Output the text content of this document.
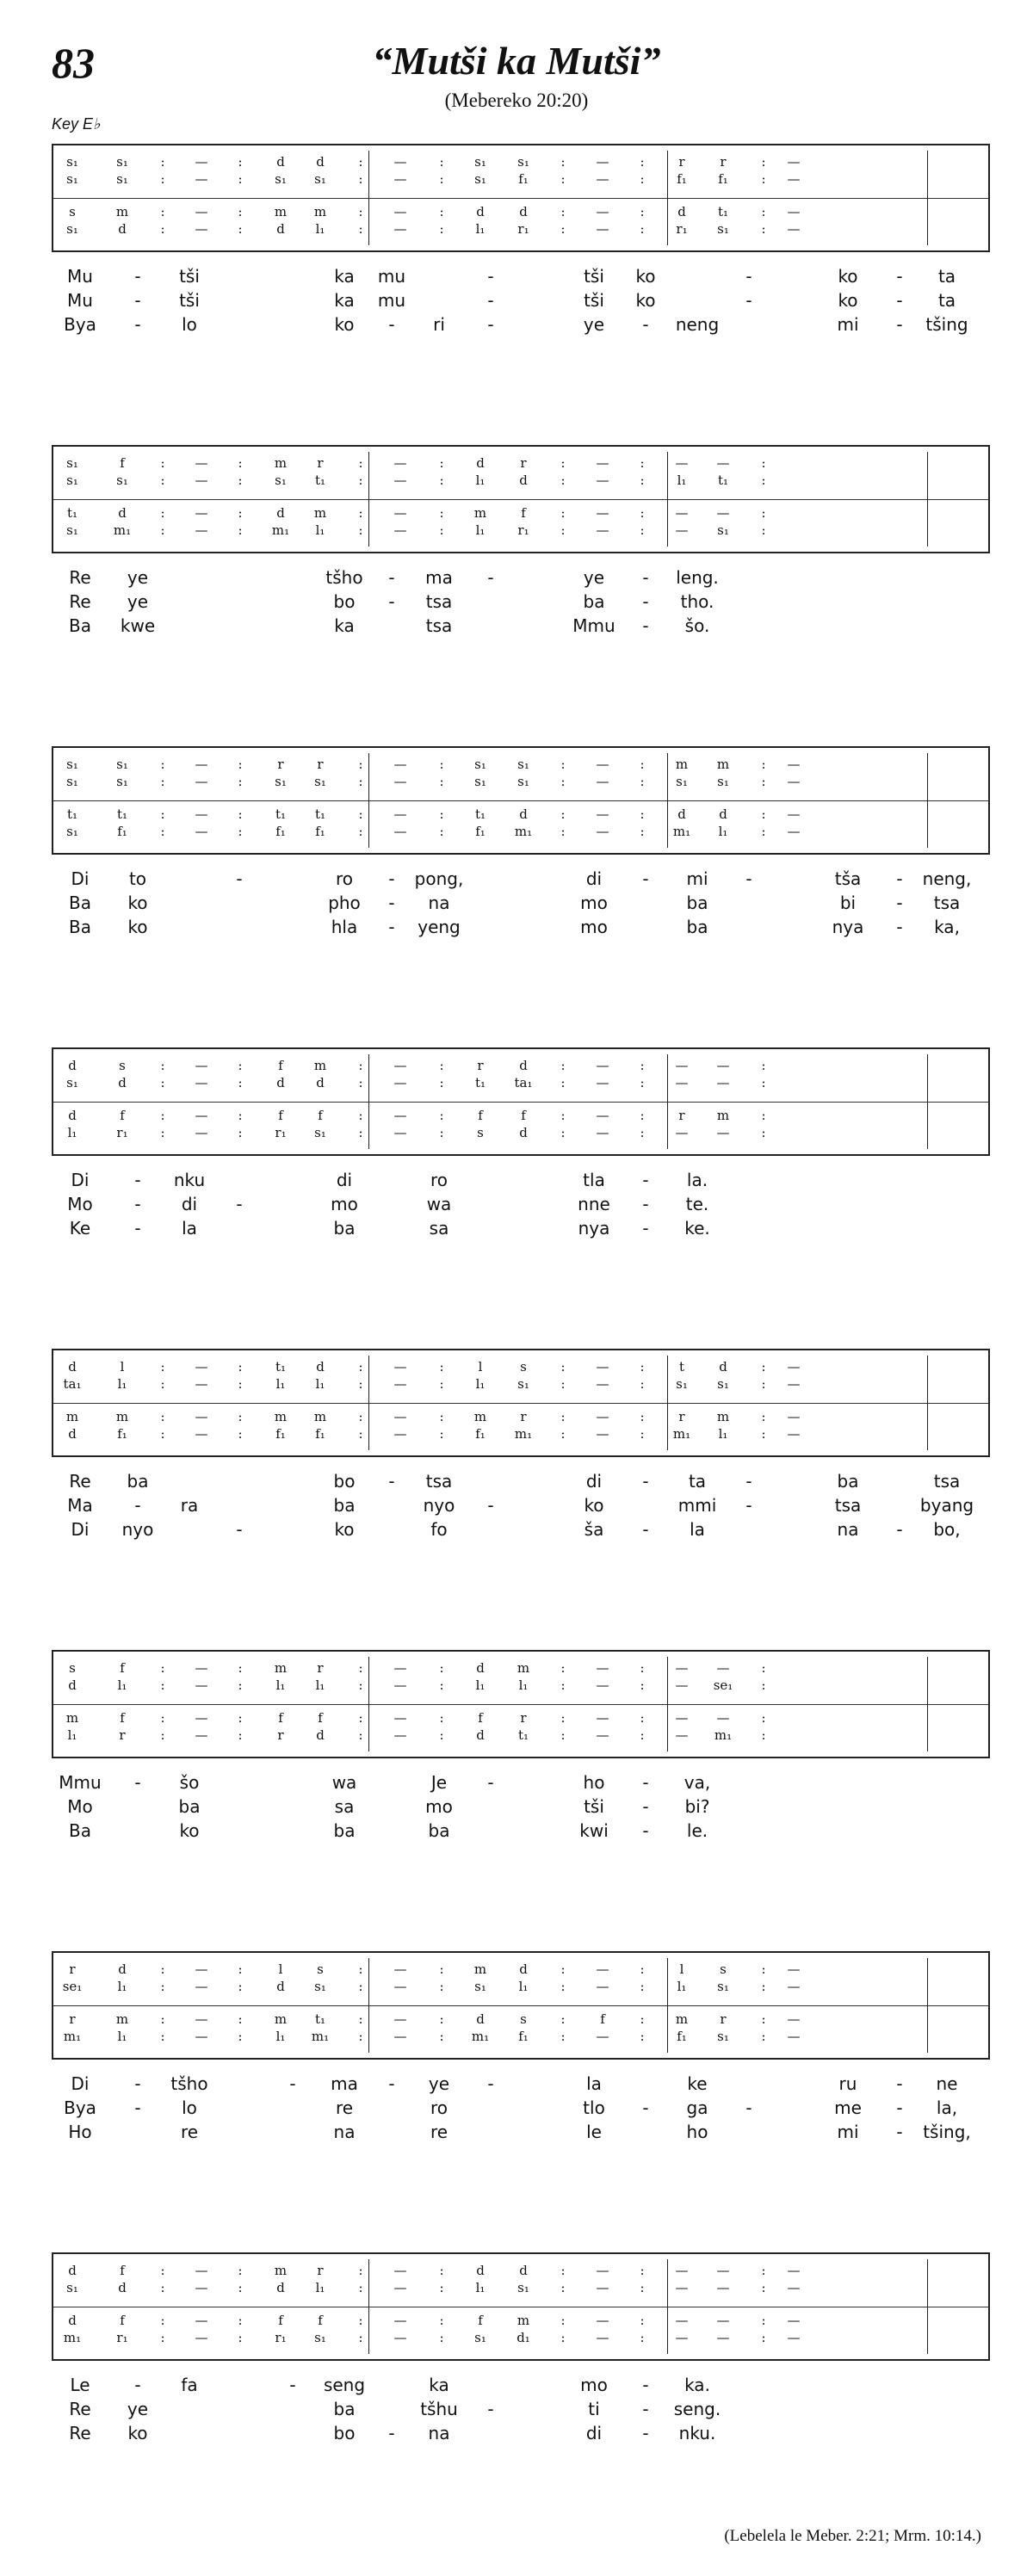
83	“Mutši ka Mutši”
(Mebereko 20:20)
Key E♭
s₁	s₁	:	—	:	d	d	:	—	:	s₁	s₁	:	—	:	r	r	:	—
s₁	s₁	:	—	:	s₁	s₁	:	—	:	s₁	f₁	:	—	:	f₁	f₁	:	—
s	m	:	—	:	m	m	:	—	:	d	d	:	—	:	d	t₁	:	—
s₁	d	:	—	:	d	l₁	:	—	:	l₁	r₁	:	—	:	r₁	s₁	:	—
Mu	-	tši	ka	mu	-	tši	ko	-	ko	-	ta
Mu	-	tši	ka	mu	-	tši	ko	-	ko	-	ta
Bya	-	lo	ko	-	ri	-	ye	-	neng	mi	-	tšing
s₁	f	:	—	:	m	r	:	—	:	d	r	:	—	:	—	—	:
s₁	s₁	:	—	:	s₁	t₁	:	—	:	l₁	d	:	—	:	l₁	t₁	:
t₁	d	:	—	:	d	m	:	—	:	m	f	:	—	:	—	—	:
s₁	m₁	:	—	:	m₁	l₁	:	—	:	l₁	r₁	:	—	:	—	s₁	:
Re	ye	tšho	-	ma	-	ye	-	leng.
Re	ye	bo	-	tsa	ba	-	tho.
Ba	kwe	ka	tsa	Mmu	-	šo.
s₁	s₁	:	—	:	r	r	:	—	:	s₁	s₁	:	—	:	m	m	:	—
s₁	s₁	:	—	:	s₁	s₁	:	—	:	s₁	s₁	:	—	:	s₁	s₁	:	—
t₁	t₁	:	—	:	t₁	t₁	:	—	:	t₁	d	:	—	:	d	d	:	—
s₁	f₁	:	—	:	f₁	f₁	:	—	:	f₁	m₁	:	—	:	m₁	l₁	:	—
Di	to	-	ro	-	pong,	di	-	mi	-	tša	-	neng,
Ba	ko	pho	-	na	mo	ba	bi	-	tsa
Ba	ko	hla	-	yeng	mo	ba	nya	-	ka,
d	s	:	—	:	f	m	:	—	:	r	d	:	—	:	—	—	:
s₁	d	:	—	:	d	d	:	—	:	t₁	ta₁	:	—	:	—	—	:
d	f	:	—	:	f	f	:	—	:	f	f	:	—	:	r	m	:
l₁	r₁	:	—	:	r₁	s₁	:	—	:	s	d	:	—	:	—	—	:
Di	-	nku	di	ro	tla	-	la.
Mo	-	di	-	mo	wa	nne	-	te.
Ke	-	la	ba	sa	nya	-	ke.
d	l	:	—	:	t₁	d	:	—	:	l	s	:	—	:	t	d	:	—
ta₁	l₁	:	—	:	l₁	l₁	:	—	:	l₁	s₁	:	—	:	s₁	s₁	:	—
m	m	:	—	:	m	m	:	—	:	m	r	:	—	:	r	m	:	—
d	f₁	:	—	:	f₁	f₁	:	—	:	f₁	m₁	:	—	:	m₁	l₁	:	—
Re	ba	bo	-	tsa	di	-	ta	-	ba	tsa
Ma	-	ra	ba	nyo	-	ko	mmi	-	tsa	byang
Di	nyo	-	ko	fo	ša	-	la	na	-	bo,
s	f	:	—	:	m	r	:	—	:	d	m	:	—	:	—	—	:
d	l₁	:	—	:	l₁	l₁	:	—	:	l₁	l₁	:	—	:	—	se₁	:
m	f	:	—	:	f	f	:	—	:	f	r	:	—	:	—	—	:
l₁	r	:	—	:	r	d	:	—	:	d	t₁	:	—	:	—	m₁	:
Mmu	-	šo	wa	Je	-	ho	-	va,
Mo	ba	sa	mo	tši	-	bi?
Ba	ko	ba	ba	kwi	-	le.
r	d	:	—	:	l	s	:	—	:	m	d	:	—	:	l	s	:	—
se₁	l₁	:	—	:	d	s₁	:	—	:	s₁	l₁	:	—	:	l₁	s₁	:	—
r	m	:	—	:	m	t₁	:	—	:	d	s	:	f	:	m	r	:	—
m₁	l₁	:	—	:	l₁	m₁	:	—	:	m₁	f₁	:	—	:	f₁	s₁	:	—
Di	-	tšho	-	ma	-	ye	-	la	ke	ru	-	ne
Bya	-	lo	re	ro	tlo	-	ga	-	me	-	la,
Ho	re	na	re	le	ho	mi	-	tšing,
d	f	:	—	:	m	r	:	—	:	d	d	:	—	:	—	—	:	—
s₁	d	:	—	:	d	l₁	:	—	:	l₁	s₁	:	—	:	—	—	:	—
d	f	:	—	:	f	f	:	—	:	f	m	:	—	:	—	—	:	—
m₁	r₁	:	—	:	r₁	s₁	:	—	:	s₁	d₁	:	—	:	—	—	:	—
Le	-	fa	-	seng	ka	mo	-	ka.
Re	ye	ba	tšhu	-	ti	-	seng.
Re	ko	bo	-	na	di	-	nku.
(Lebelela le Meber. 2:21; Mrm. 10:14.)
